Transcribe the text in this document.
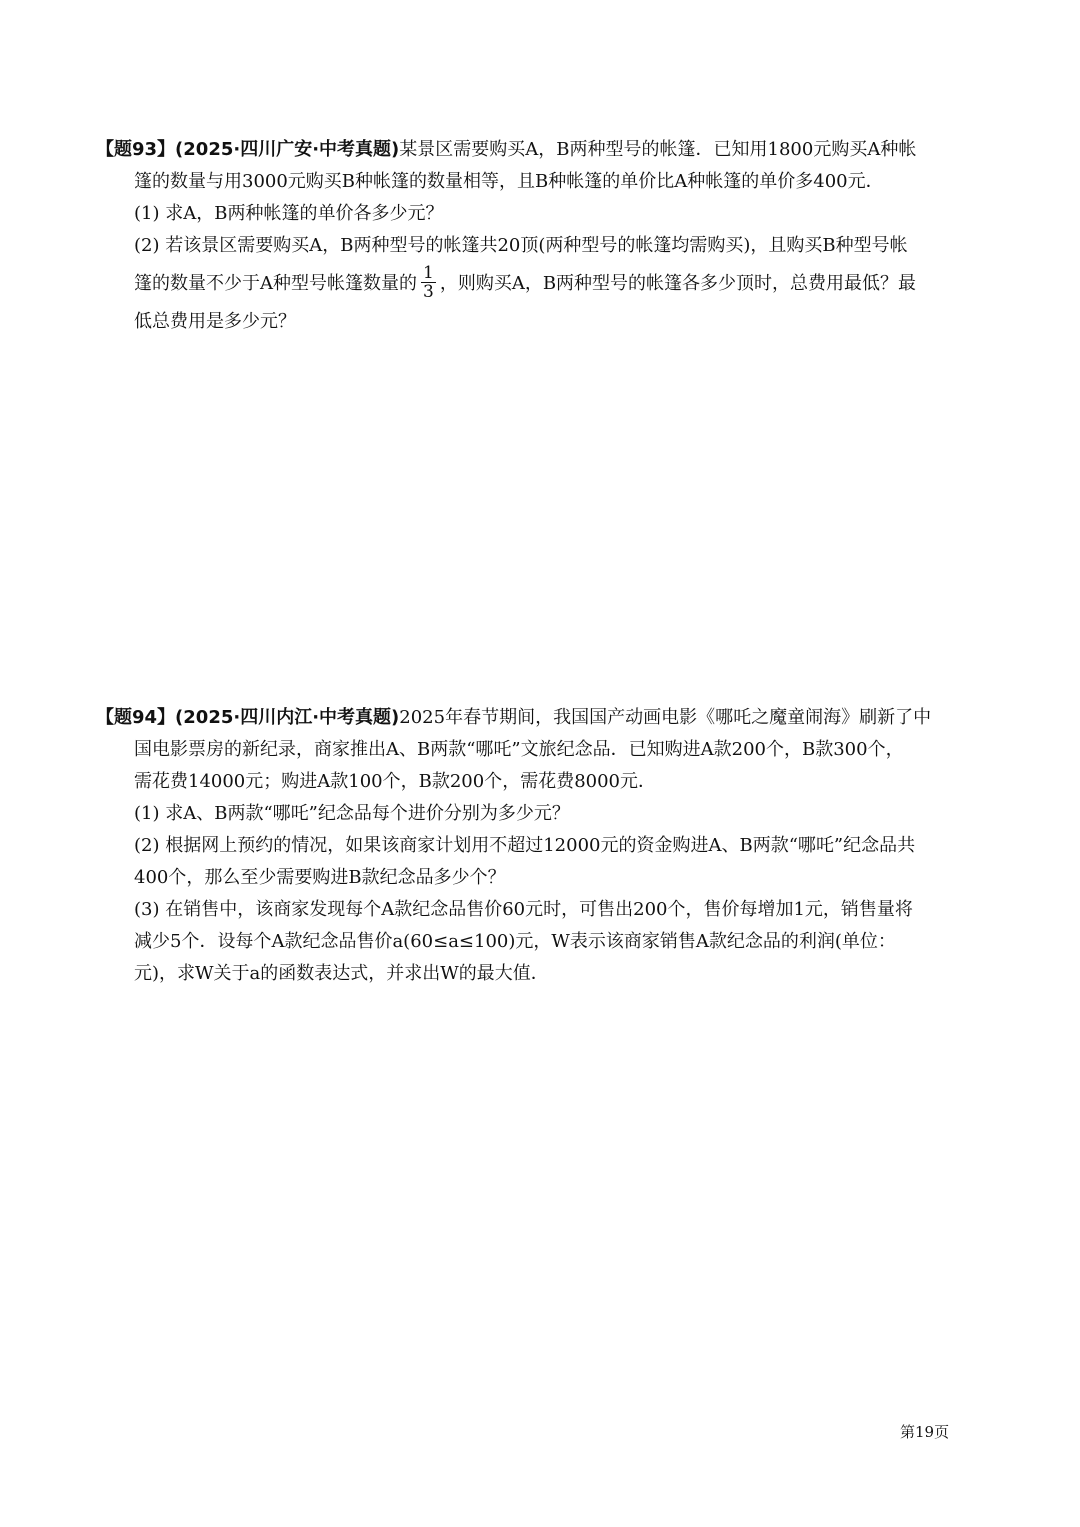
【题93】(2025·四川广安·中考真题)某景区需要购买A，B两种型号的帐篷．已知用1800元购买A种帐
篷的数量与用3000元购买B种帐篷的数量相等，且B种帐篷的单价比A种帐篷的单价多400元．
(1) 求A，B两种帐篷的单价各多少元？
(2) 若该景区需要购买A，B两种型号的帐篷共20顶(两种型号的帐篷均需购买)，且购买B种型号帐
篷的数量不少于A种型号帐篷数量的 $\frac{1}{3}$ ，则购买A，B两种型号的帐篷各多少顶时，总费用最低？最
低总费用是多少元？
【题94】(2025·四川内江·中考真题)2025年春节期间，我国国产动画电影《哪吒之魔童闹海》刷新了中
国电影票房的新纪录，商家推出A、B两款“哪吒”文旅纪念品．已知购进A款200个，B款300个，
需花费14000元；购进A款100个，B款200个，需花费8000元．
(1) 求A、B两款“哪吒”纪念品每个进价分别为多少元？
(2) 根据网上预约的情况，如果该商家计划用不超过12000元的资金购进A、B两款“哪吒”纪念品共
400个，那么至少需要购进B款纪念品多少个？
(3) 在销售中，该商家发现每个A款纪念品售价60元时，可售出200个，售价每增加1元，销售量将
减少5个．设每个A款纪念品售价a(60≤a≤100)元，W表示该商家销售A款纪念品的利润(单位：
元)，求W关于a的函数表达式，并求出W的最大值．
第19页
